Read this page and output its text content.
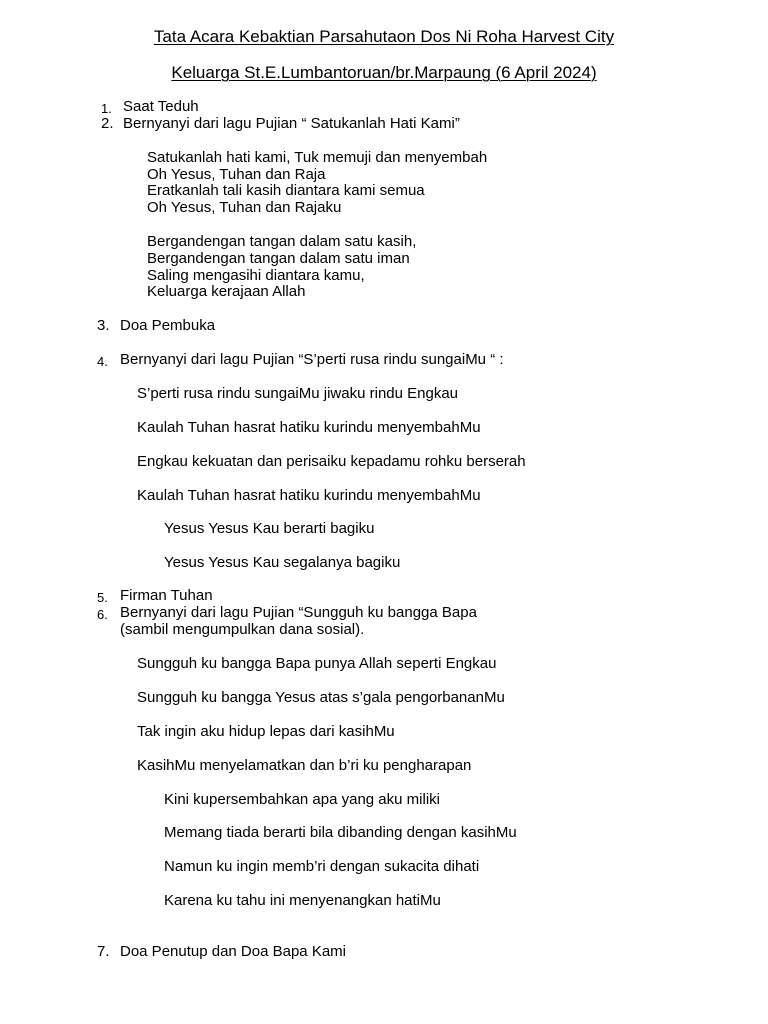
Tata Acara Kebaktian Parsahutaon Dos Ni Roha Harvest City
Keluarga St.E.Lumbantoruan/br.Marpaung (6 April 2024)
1. Saat Teduh
2. Bernyanyi dari lagu Pujian “ Satukanlah Hati Kami”
Satukanlah hati kami, Tuk memuji dan menyembah
Oh Yesus, Tuhan dan Raja
Eratkanlah tali kasih diantara kami semua
Oh Yesus, Tuhan dan Rajaku
Bergandengan tangan dalam satu kasih,
Bergandengan tangan dalam satu iman
Saling mengasihi diantara kamu,
Keluarga kerajaan Allah
3. Doa Pembuka
4. Bernyanyi dari lagu Pujian “S’perti rusa rindu sungaiMu “ :
S’perti rusa rindu sungaiMu jiwaku rindu Engkau
Kaulah Tuhan hasrat hatiku kurindu menyembahMu
Engkau kekuatan dan perisaiku kepadamu rohku berserah
Kaulah Tuhan hasrat hatiku kurindu menyembahMu
Yesus Yesus Kau berarti bagiku
Yesus Yesus Kau segalanya bagiku
5. Firman Tuhan
6. Bernyanyi dari lagu Pujian “Sungguh ku bangga Bapa
(sambil mengumpulkan dana sosial).
Sungguh ku bangga Bapa punya Allah seperti Engkau
Sungguh ku bangga Yesus atas s’gala pengorbananMu
Tak ingin aku hidup lepas dari kasihMu
KasihMu menyelamatkan dan b’ri ku pengharapan
Kini kupersembahkan apa yang aku miliki
Memang tiada berarti bila dibanding dengan kasihMu
Namun ku ingin memb’ri dengan sukacita dihati
Karena ku tahu ini menyenangkan hatiMu
7. Doa Penutup dan Doa Bapa Kami
